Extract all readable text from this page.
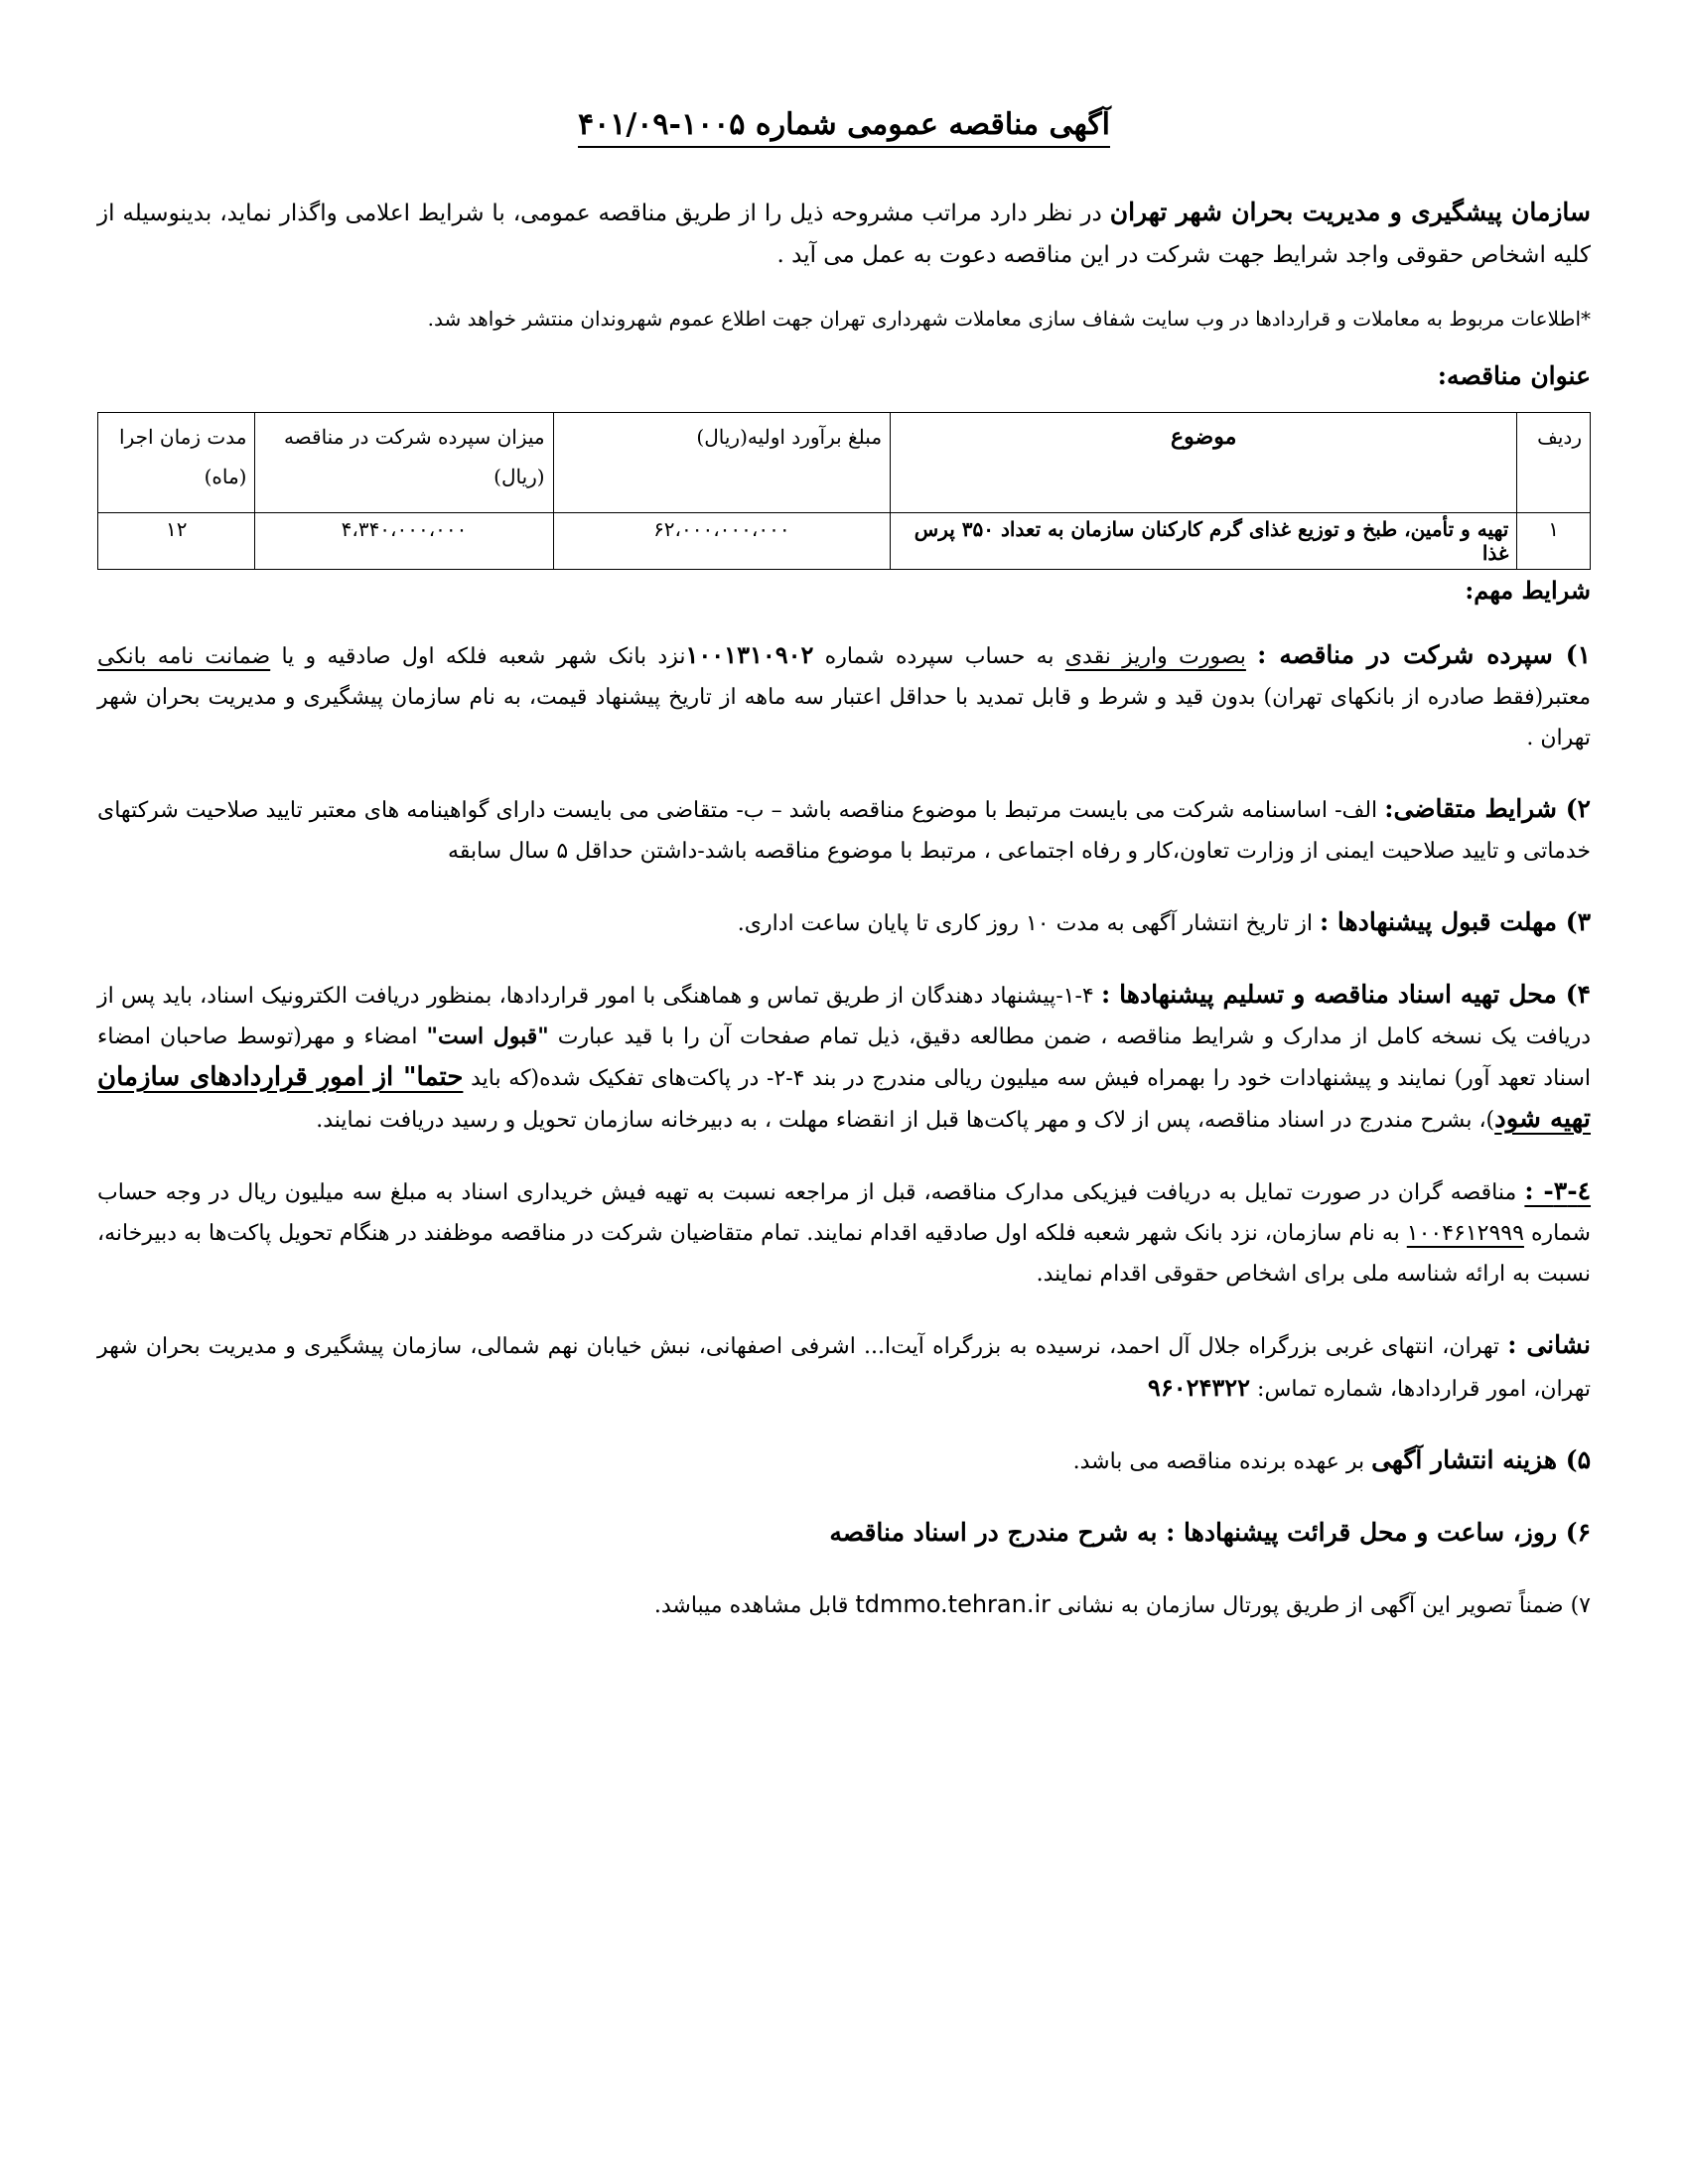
آگهی مناقصه عمومی شماره ۱۰۰۵-۴۰۱/۰۹

سازمان پیشگیری و مدیریت بحران شهر تهران در نظر دارد مراتب مشروحه ذیل را از طریق مناقصه عمومی، با شرایط اعلامی واگذار نماید، بدینوسیله از کلیه اشخاص حقوقی واجد شرایط جهت شرکت در این مناقصه دعوت به عمل می آید .

*اطلاعات مربوط به معاملات و قراردادها در وب سایت شفاف سازی معاملات شهرداری تهران جهت اطلاع عموم شهروندان منتشر خواهد شد.

عنوان مناقصه:
ردیف	موضوع	مبلغ برآورد اولیه(ریال)	میزان سپرده شرکت در مناقصه (ریال)	مدت زمان اجرا (ماه)
۱	تهیه و تأمین، طبخ و توزیع غذای گرم کارکنان سازمان به تعداد ۳۵۰ پرس غذا	۶۲،۰۰۰،۰۰۰،۰۰۰	۴،۳۴۰،۰۰۰،۰۰۰	۱۲
شرایط مهم:

۱) سپرده شرکت در مناقصه : بصورت واریز نقدی به حساب سپرده شماره ۱۰۰۱۳۱۰۹۰۲نزد بانک شهر شعبه فلکه اول صادقیه و یا ضمانت نامه بانکی معتبر(فقط صادره از بانکهای تهران) بدون قید و شرط و قابل تمدید با حداقل اعتبار سه ماهه از تاریخ پیشنهاد قیمت، به نام سازمان پیشگیری و مدیریت بحران شهر تهران .

۲) شرایط متقاضی: الف- اساسنامه شرکت می بایست مرتبط با موضوع مناقصه باشد – ب- متقاضی می بایست دارای گواهینامه های معتبر تایید صلاحیت شرکتهای خدماتی و تایید صلاحیت ایمنی از وزارت تعاون،کار و رفاه اجتماعی ، مرتبط با موضوع مناقصه باشد-داشتن حداقل ۵ سال سابقه

۳) مهلت قبول پیشنهادها : از تاریخ انتشار آگهی به مدت ۱۰ روز کاری تا پایان ساعت اداری.

۴) محل تهیه اسناد مناقصه و تسلیم پیشنهادها : ۴-۱-پیشنهاد دهندگان از طریق تماس و هماهنگی با امور قراردادها، بمنظور دریافت الکترونیک اسناد، باید پس از دریافت یک نسخه کامل از مدارک و شرایط مناقصه ، ضمن مطالعه دقیق، ذیل تمام صفحات آن را با قید عبارت "قبول است" امضاء و مهر(توسط صاحبان امضاء اسناد تعهد آور) نمایند و پیشنهادات خود را بهمراه فیش سه میلیون ریالی مندرج در بند ۴-۲- در پاکت‌های تفکیک شده(که باید حتما" از امور قراردادهای سازمان تهیه شود)، بشرح مندرج در اسناد مناقصه، پس از لاک و مهر پاکت‌ها قبل از انقضاء مهلت ، به دبیرخانه سازمان تحویل و رسید دریافت نمایند.

٤-٣- : مناقصه گران در صورت تمایل به دریافت فیزیکی مدارک مناقصه، قبل از مراجعه نسبت به تهیه فیش خریداری اسناد به مبلغ سه میلیون ریال در وجه حساب شماره ۱۰۰۴۶۱۲۹۹۹ به نام سازمان، نزد بانک شهر شعبه فلکه اول صادقیه اقدام نمایند. تمام متقاضیان شرکت در مناقصه موظفند در هنگام تحویل پاکت‌ها به دبیرخانه، نسبت به ارائه شناسه ملی برای اشخاص حقوقی اقدام نمایند.

نشانی : تهران، انتهای غربی بزرگراه جلال آل احمد، نرسیده به بزرگراه آیت‌ا... اشرفی اصفهانی، نبش خیابان نهم شمالی، سازمان پیشگیری و مدیریت بحران شهر تهران، امور قراردادها، شماره تماس: ۹۶۰۲۴۳۲۲

۵) هزینه انتشار آگهی بر عهده برنده مناقصه می باشد.

۶) روز، ساعت و محل قرائت پیشنهادها : به شرح مندرج در اسناد مناقصه

۷) ضمناً تصویر این آگهی از طریق پورتال سازمان به نشانی tdmmo.tehran.ir قابل مشاهده میباشد.
